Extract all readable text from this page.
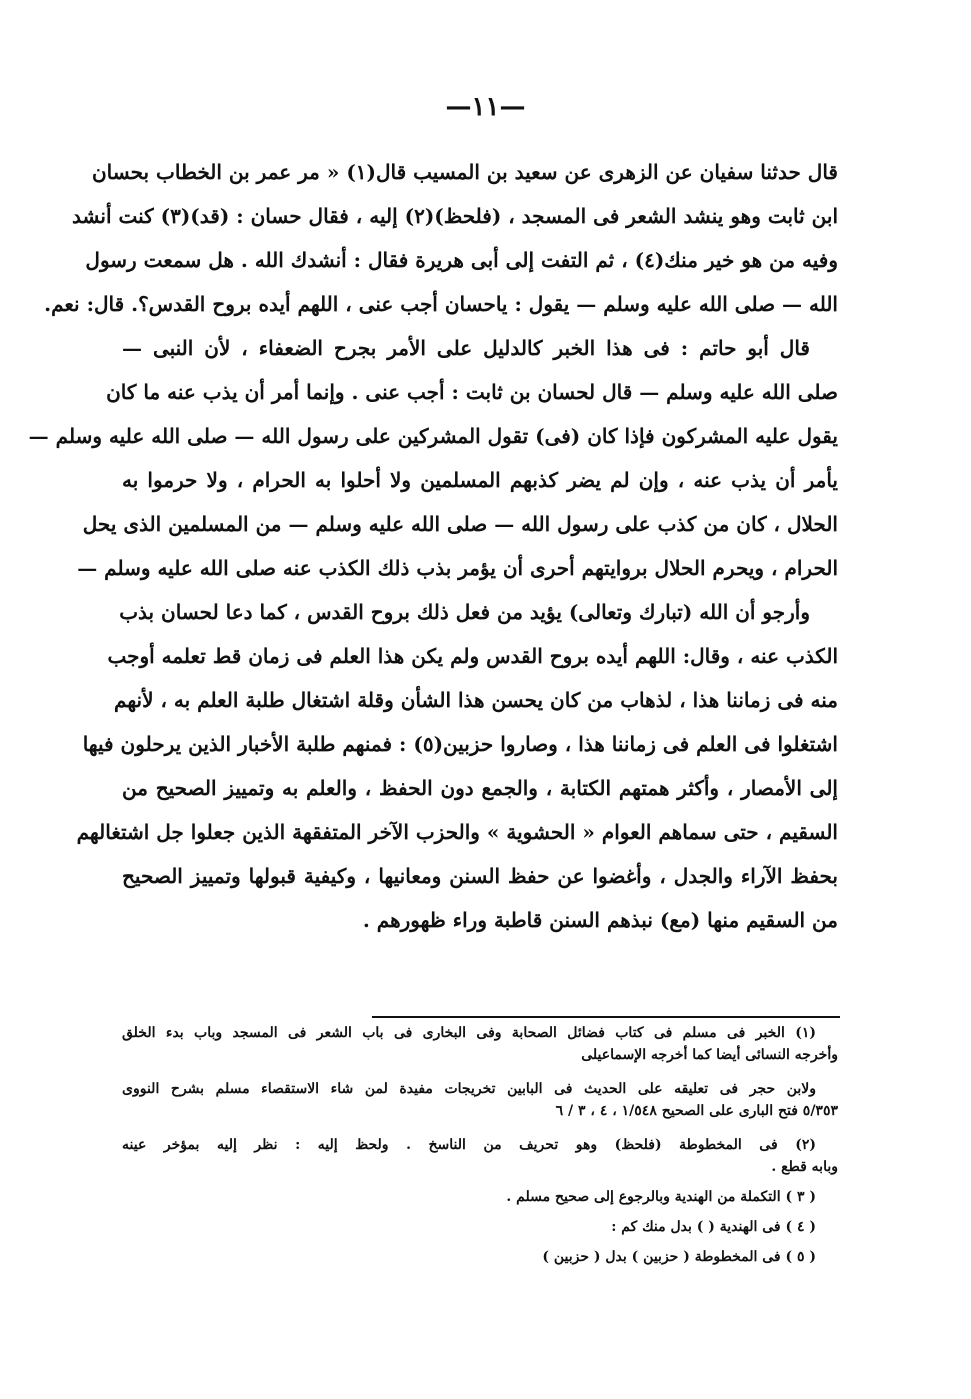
—١١—
قال حدثنا سفيان عن الزهرى عن سعيد بن المسيب قال(١) « مر عمر بن الخطاب بحسان
ابن ثابت وهو ينشد الشعر فى المسجد ، (فلحظ)(٢) إليه ، فقال حسان : (قد)(٣) كنت أنشد
وفيه من هو خير منك(٤) ، ثم التفت إلى أبى هريرة فقال : أنشدك الله . هل سمعت رسول
الله — صلى الله عليه وسلم — يقول : ياحسان أجب عنى ، اللهم أيده بروح القدس؟. قال: نعم.
قال أبو حاتم : فى هذا الخبر كالدليل على الأمر بجرح الضعفاء ، لأن النبى —
صلى الله عليه وسلم — قال لحسان بن ثابت : أجب عنى . وإنما أمر أن يذب عنه ما كان
يقول عليه المشركون فإذا كان (فى) تقول المشركين على رسول الله — صلى الله عليه وسلم —
يأمر أن يذب عنه ، وإن لم يضر كذبهم المسلمين ولا أحلوا به الحرام ، ولا حرموا به
الحلال ، كان من كذب على رسول الله — صلى الله عليه وسلم — من المسلمين الذى يحل
الحرام ، ويحرم الحلال بروايتهم أحرى أن يؤمر بذب ذلك الكذب عنه صلى الله عليه وسلم —
وأرجو أن الله (تبارك وتعالى) يؤيد من فعل ذلك بروح القدس ، كما دعا لحسان بذب
الكذب عنه ، وقال: اللهم أيده بروح القدس ولم يكن هذا العلم فى زمان قط تعلمه أوجب
منه فى زماننا هذا ، لذهاب من كان يحسن هذا الشأن وقلة اشتغال طلبة العلم به ، لأنهم
اشتغلوا فى العلم فى زماننا هذا ، وصاروا حزبين(٥) : فمنهم طلبة الأخبار الذين يرحلون فيها
إلى الأمصار ، وأكثر همتهم الكتابة ، والجمع دون الحفظ ، والعلم به وتمييز الصحيح من
السقيم ، حتى سماهم العوام « الحشوية » والحزب الآخر المتفقهة الذين جعلوا جل اشتغالهم
بحفظ الآراء والجدل ، وأغضوا عن حفظ السنن ومعانيها ، وكيفية قبولها وتمييز الصحيح
من السقيم منها (مع) نبذهم السنن قاطبة وراء ظهورهم .
(١) الخبر فى مسلم فى كتاب فضائل الصحابة وفى البخارى فى باب الشعر فى المسجد وباب بدء الخلق
وأخرجه النسائى أيضا كما أخرجه الإسماعيلى
ولابن حجر فى تعليقه على الحديث فى البابين تخريجات مفيدة لمن شاء الاستقصاء مسلم بشرح النووى
٥/٣٥٣ فتح البارى على الصحيح ١/٥٤٨ ، ٤ ، ٣ / ٦
(٢) فى المخطوطة (فلحظ) وهو تحريف من الناسخ . ولحظ إليه : نظر إليه بمؤخر عينه
وبابه قطع .
( ٣ ) التكملة من الهندية وبالرجوع إلى صحيح مسلم .
( ٤ ) فى الهندية ( ) بدل منك كم :
( ٥ ) فى المخطوطة ( حزبين ) بدل ( حزبين )
